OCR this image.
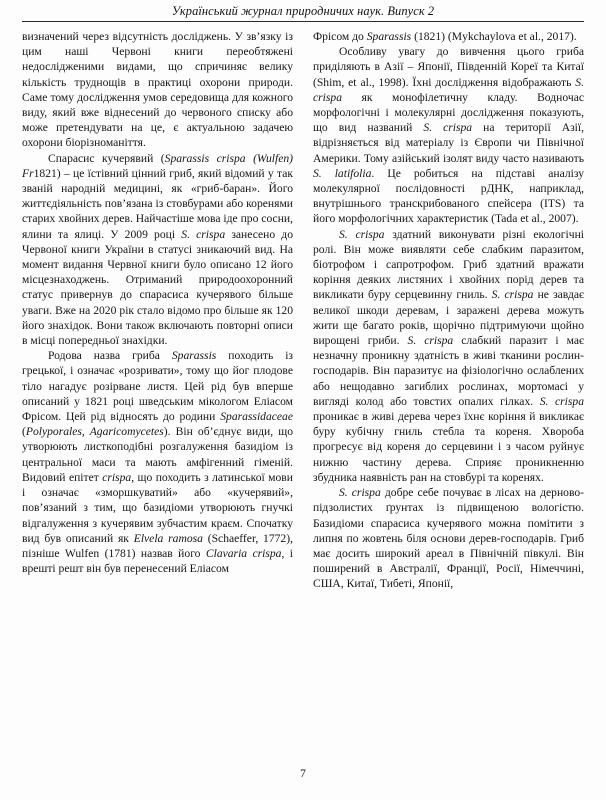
Український журнал природничих наук. Випуск 2

визначений через відсутність досліджень. У зв’язку із цим наші Червоні книги переобтяжені недослідженими видами, що спричиняє велику кількість труднощів в практиці охорони природи. Саме тому дослідження умов середовища для кожного виду, який вже віднесений до червоного списку або може претендувати на це, є актуальною задачею охорони біорізноманіття.

Спарасис кучерявий (Sparassis crispa (Wulfen) Fr1821) – це їстівний цінний гриб, який відомий у так званій народній медицині, як «гриб-баран». Його життєдіяльність пов’язана із стовбурами або коренями старих хвойних дерев. Найчастіше мова іде про сосни, ялини та ялиці. У 2009 році S. crispa занесено до Червоної книги України в статусі зникаючий вид. На момент видання Червної книги було описано 12 його місцезнаходжень. Отриманий природоохоронний статус привернув до спарасиса кучерявого більше уваги. Вже на 2020 рік стало відомо про більше як 120 його знахідок. Вони також включають повторні описи в місці попередньої знахідки.

Родова назва гриба Sparassis походить із грецької, і означає «розривати», тому що йог плодове тіло нагадує розірване листя. Цей рід був вперше описаний у 1821 році шведським мікологом Еліасом Фрісом. Цей рід відносять до родини Sparassidaceae (Polyporales, Agaricomycetes). Він об’єднує види, що утворюють листкоподібні розгалуження базидіом із центральної маси та мають амфігенний гіменій. Видовий епітет crispa, що походить з латинської мови і означає «зморшкуватий» або «кучерявий», пов’язаний з тим, що базидіоми утворюють гнучкі відгалуження з кучерявим зубчастим краєм. Спочатку вид був описаний як Elvela ramosa (Schaeffer, 1772), пізніше Wulfen (1781) назвав його Clavaria crispa, і врешті решт він був перенесений Еліасом

Фрісом до Sparassis (1821) (Mykchaylova et al., 2017).

Особливу увагу до вивчення цього гриба приділяють в Азії – Японії, Південній Кореї та Китаї (Shim, et al., 1998). Їхні дослідження відображають S. crispa як монофілетичну кладу. Водночас морфологічні і молекулярні дослідження показують, що вид названий S. crispa на території Азії, відрізняється від матеріалу із Європи чи Північної Америки. Тому азійський ізолят виду часто називають S. latifolia. Це робиться на підставі аналізу молекулярної послідовності рДНК, наприклад, внутрішнього транскрибованого спейсера (ITS) та його морфологічних характеристик (Tada et al., 2007).

S. crispa здатний виконувати різні екологічні ролі. Він може виявляти себе слабким паразитом, біотрофом і сапротрофом. Гриб здатний вражати коріння деяких листяних і хвойних порід дерев та викликати буру серцевинну гниль. S. crispa не завдає великої шкоди деревам, і заражені дерева можуть жити ще багато років, щорічно підтримуючи щойно вирощені гриби. S. crispa слабкий паразит і має незначну проникну здатність в живі тканини рослин-господарів. Він паразитує на фізіологічно ослаблених або нещодавно загиблих рослинах, мортомасі у вигляді колод або товстих опалих гілках. S. crispa проникає в живі дерева через їхнє коріння й викликає буру кубічну гниль стебла та кореня. Хвороба прогресує від кореня до серцевини і з часом руйнує нижню частину дерева. Сприяє проникненню збудника наявність ран на стовбурі та коренях.

S. crispa добре себе почуває в лісах на дерново-підзолистих ґрунтах із підвищеною вологістю. Базидіоми спарасиса кучерявого можна помітити з липня по жовтень біля основи дерев-господарів. Гриб має досить широкий ареал в Північній півкулі. Він поширений в Австралії, Франції, Росії, Німеччині, США, Китаї, Тибеті, Японії,

7
